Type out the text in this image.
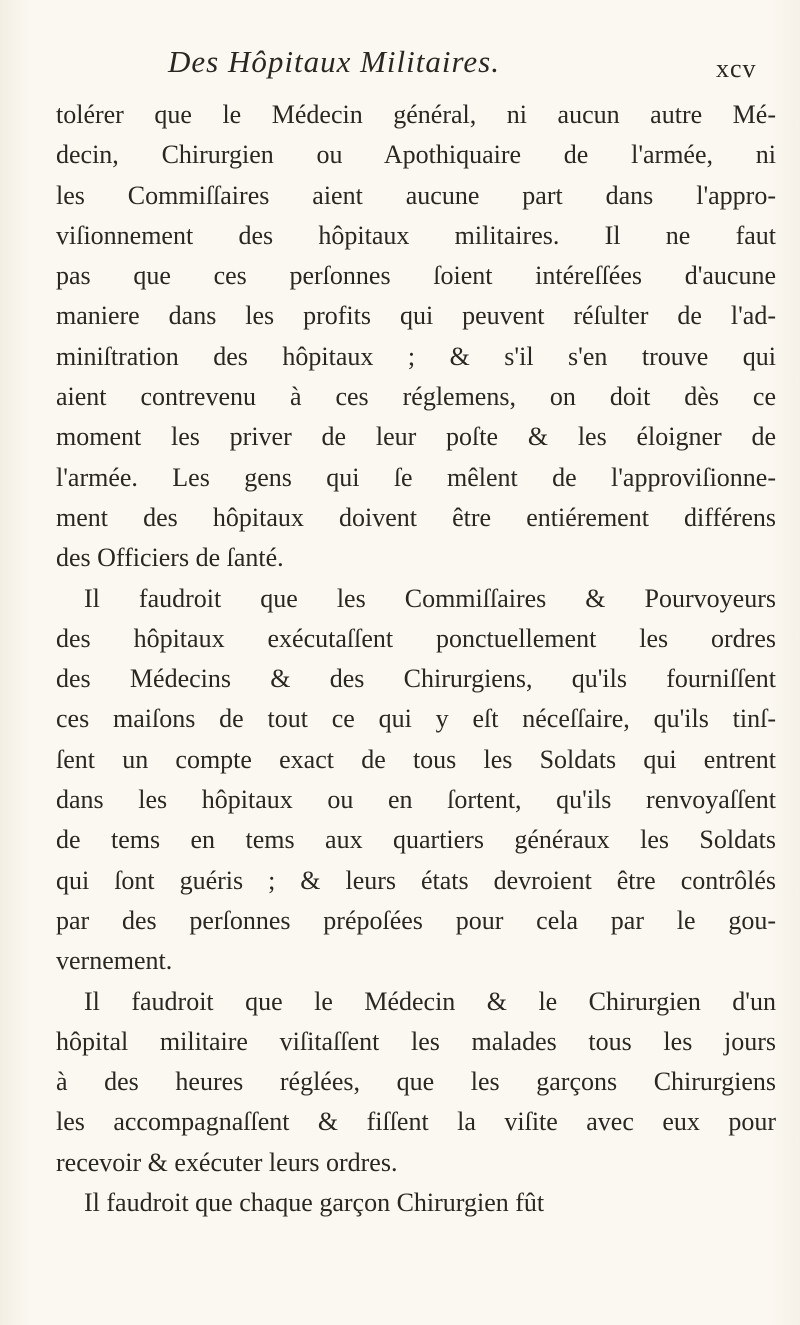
Des Hôpitaux Militaires.	xcv
tolérer que le Médecin général, ni aucun autre Mé-
decin, Chirurgien ou Apothiquaire de l'armée, ni
les Commiſſaires aient aucune part dans l'appro-
viſionnement des hôpitaux militaires. Il ne faut
pas que ces perſonnes ſoient intéreſſées d'aucune
maniere dans les profits qui peuvent réſulter de l'ad-
miniſtration des hôpitaux ; & s'il s'en trouve qui
aient contrevenu à ces réglemens, on doit dès ce
moment les priver de leur poſte & les éloigner de
l'armée. Les gens qui ſe mêlent de l'approviſionne-
ment des hôpitaux doivent être entiérement différens
des Officiers de ſanté.
Il faudroit que les Commiſſaires & Pourvoyeurs
des hôpitaux exécutaſſent ponctuellement les ordres
des Médecins & des Chirurgiens, qu'ils fourniſſent
ces maiſons de tout ce qui y eſt néceſſaire, qu'ils tinſ-
ſent un compte exact de tous les Soldats qui entrent
dans les hôpitaux ou en ſortent, qu'ils renvoyaſſent
de tems en tems aux quartiers généraux les Soldats
qui ſont guéris ; & leurs états devroient être contrôlés
par des perſonnes prépoſées pour cela par le gou-
vernement.
Il faudroit que le Médecin & le Chirurgien d'un
hôpital militaire viſitaſſent les malades tous les jours
à des heures réglées, que les garçons Chirurgiens
les accompagnaſſent & fiſſent la viſite avec eux pour
recevoir & exécuter leurs ordres.
Il faudroit que chaque garçon Chirurgien fût
